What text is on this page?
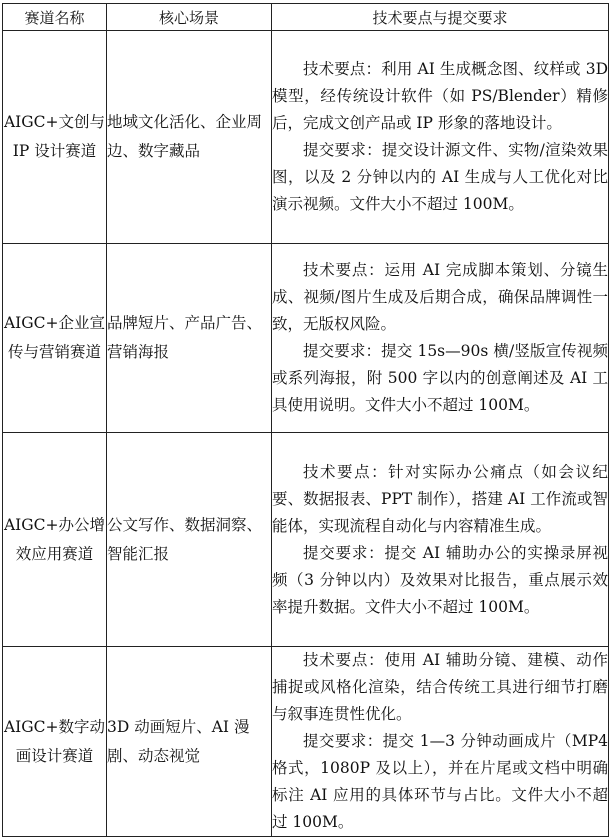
赛道名称	核心场景	技术要点与提交要求
AIGC+文创与 IP 设计赛道	地域文化活化、企业周边、数字藏品	技术要点：利用 AI 生成概念图、纹样或 3D 模型，经传统设计软件（如 PS/Blender）精修后，完成文创产品或 IP 形象的落地设计。

提交要求：提交设计源文件、实物/渲染效果图，以及 2 分钟以内的 AI 生成与人工优化对比演示视频。文件大小不超过 100M。

AIGC+企业宣传与营销赛道	品牌短片、产品广告、营销海报	技术要点：运用 AI 完成脚本策划、分镜生成、视频/图片生成及后期合成，确保品牌调性一致，无版权风险。

提交要求：提交 15s—90s 横/竖版宣传视频或系列海报，附 500 字以内的创意阐述及 AI 工具使用说明。文件大小不超过 100M。

AIGC+办公增效应用赛道	公文写作、数据洞察、智能汇报	技术要点：针对实际办公痛点（如会议纪要、数据报表、PPT 制作），搭建 AI 工作流或智能体，实现流程自动化与内容精准生成。

提交要求：提交 AI 辅助办公的实操录屏视频（3 分钟以内）及效果对比报告，重点展示效率提升数据。文件大小不超过 100M。

AIGC+数字动画设计赛道	3D 动画短片、AI 漫剧、动态视觉	技术要点：使用 AI 辅助分镜、建模、动作捕捉或风格化渲染，结合传统工具进行细节打磨与叙事连贯性优化。

提交要求：提交 1—3 分钟动画成片（MP4 格式，1080P 及以上），并在片尾或文档中明确标注 AI 应用的具体环节与占比。文件大小不超过 100M。
